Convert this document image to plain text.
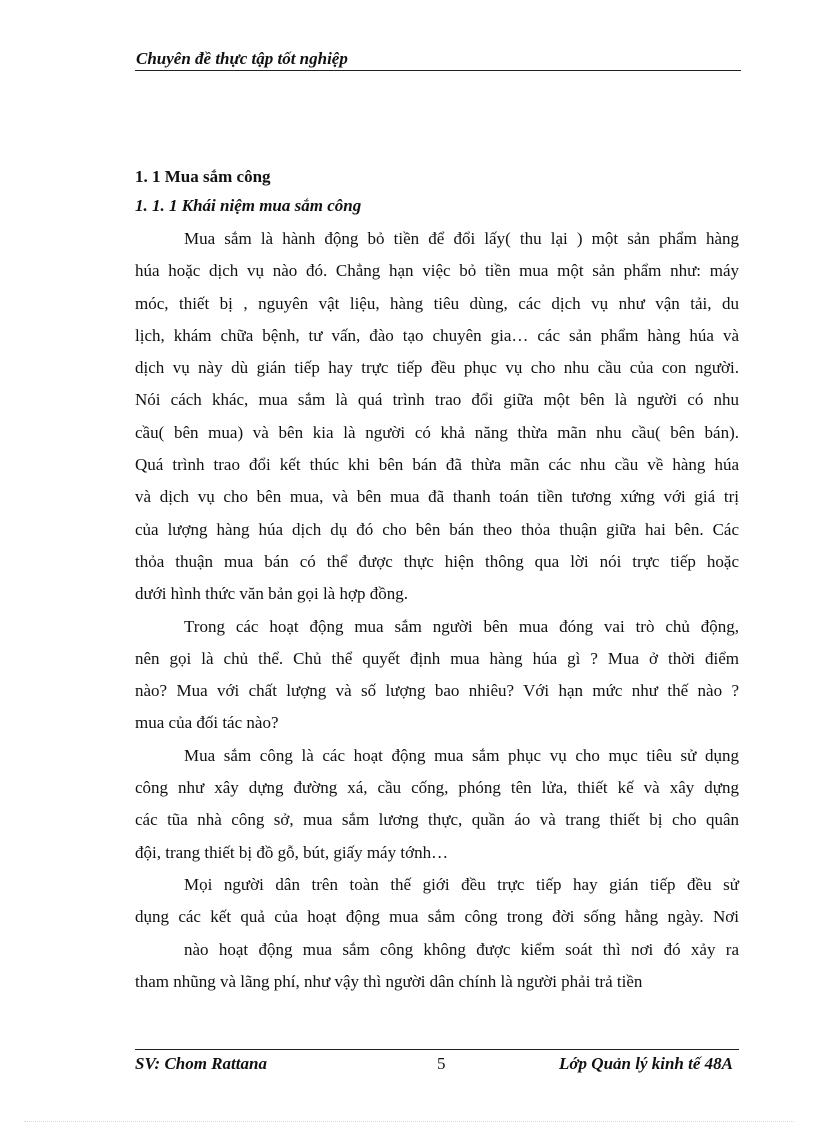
Chuyên đề thực tập tốt nghiệp
1. 1 Mua sắm công
1. 1. 1 Khái niệm mua sắm công
Mua sắm là hành động bỏ tiền để đổi lấy( thu lại ) một sản phẩm hàng
húa hoặc dịch vụ nào đó. Chẳng hạn việc bỏ tiền mua một sản phẩm như: máy
móc, thiết bị , nguyên vật liệu, hàng tiêu dùng, các dịch vụ như vận tải, du
lịch, khám chữa bệnh, tư vấn, đào tạo chuyên gia… các sản phẩm hàng húa và
dịch vụ này dù gián tiếp hay trực tiếp đều phục vụ cho nhu cầu của con người.
Nói cách khác, mua sắm là quá trình trao đổi giữa một bên là người có nhu
cầu( bên mua) và bên kia là người có khả năng thừa mãn nhu cầu( bên bán).
Quá trình trao đổi kết thúc khi bên bán đã thừa mãn các nhu cầu về hàng húa
và dịch vụ cho bên mua, và bên mua đã thanh toán tiền tương xứng với giá trị
của lượng hàng húa dịch dụ đó cho bên bán theo thỏa thuận giữa hai bên. Các
thỏa thuận mua bán có thể được thực hiện thông qua lời nói trực tiếp hoặc
dưới hình thức văn bản gọi là hợp đồng.
Trong các hoạt động mua sắm người bên mua đóng vai trò chủ động,
nên gọi là chủ thể. Chủ thể quyết định mua hàng húa gì ? Mua ở thời điểm
nào? Mua với chất lượng và số lượng bao nhiêu? Với hạn mức như thế nào ?
mua của đối tác nào?
Mua sắm công là các hoạt động mua sắm phục vụ cho mục tiêu sử dụng
công như xây dựng đường xá, cầu cống, phóng tên lửa, thiết kế và xây dựng
các tũa nhà công sở, mua sắm lương thực, quần áo và trang thiết bị cho quân
đội, trang thiết bị đồ gỗ, bút, giấy máy tớnh…
Mọi người dân trên toàn thế giới đều trực tiếp hay gián tiếp đều sử
dụng các kết quả của hoạt động mua sắm công trong đời sống hằng ngày. Nơi
nào hoạt động mua sắm công không được kiểm soát thì nơi đó xảy ra
tham nhũng và lãng phí, như vậy thì người dân chính là người phải trả tiền
SV: Chom Rattana	5	Lớp Quản lý kinh tế 48A
